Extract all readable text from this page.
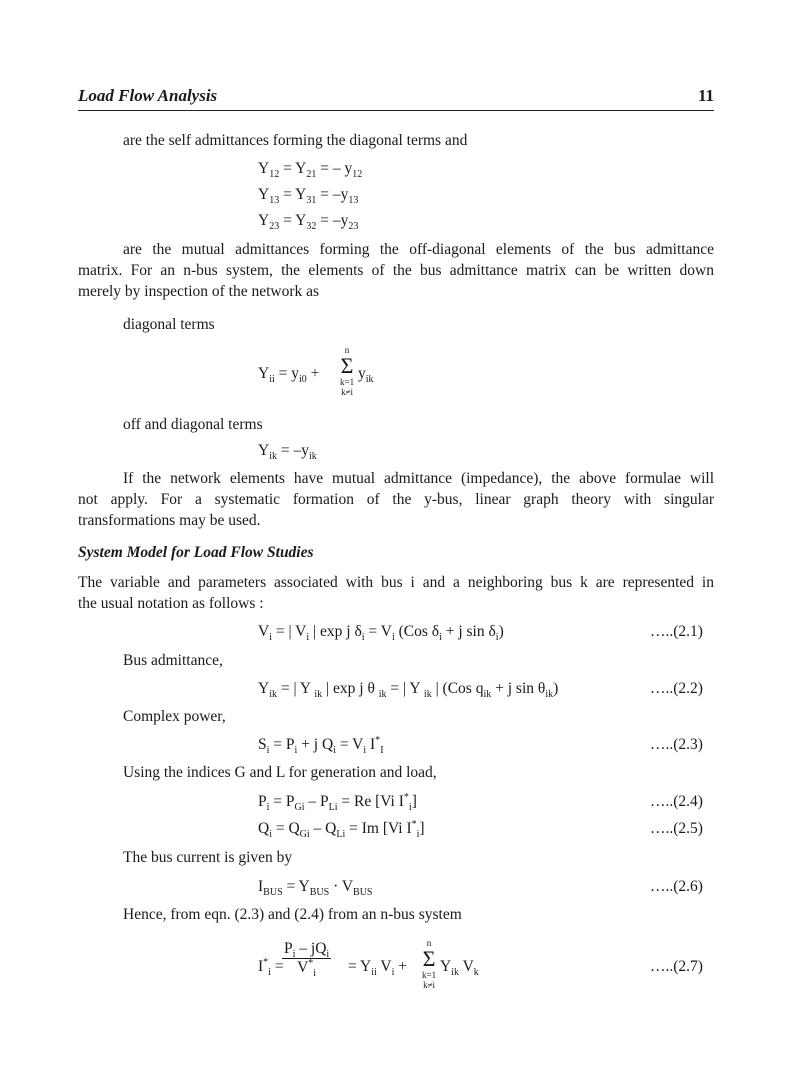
Load Flow Analysis	11
are the self admittances forming the diagonal terms and
$Y_{12} = Y_{21}$ = – $y_{12}$
$Y_{13} = Y_{31} = -y_{13}$
$Y_{23} = Y_{32} = -y_{23}$
are the mutual admittances forming the off-diagonal elements of the bus admittance
matrix. For an n-bus system, the elements of the bus admittance matrix can be written down
merely by inspection of the network as
diagonal terms
$Y_{ii} = y_{i0}$ +
n
Σ
k=1
k≠i
$y_{ik}$
off and diagonal terms
$Y_{ik} = -y_{ik}$
If the network elements have mutual admittance (impedance), the above formulae will
not apply. For a systematic formation of the y-bus, linear graph theory with singular
transformations may be used.
System Model for Load Flow Studies
The variable and parameters associated with bus i and a neighboring bus k are represented in
the usual notation as follows :
$V_i$ = | $V_i$ | exp j $\delta_i = V_i$ (Cos $\delta_i + j$ $\sin \delta_i$)	…..(2.1)
Bus admittance,
$Y_{ik}$ = | Y $_{ik}$ | exp j θ $_{ik}$ = | Y $_{ik}$ | (Cos $q_{ik} + j$ $\sin \theta_{ik}$)	…..(2.2)
Complex power,
$S_i = P_i + j$ $Q_i = V_i$ $I^*_I$	…..(2.3)
Using the indices G and L for generation and load,
$P_i = P_{Gi} - P_{Li} = Re$ [Vi $I^*_i$]	…..(2.4)
$Q_i = Q_{Gi} - Q_{Li} = Im$ [Vi $I^*_i$]	…..(2.5)
The bus current is given by
$I_{BUS} = Y_{BUS} \cdot V_{BUS}$	…..(2.6)
Hence, from eqn. (2.3) and (2.4) from an n-bus system
$I^*_i$ =
$P_i - jQ_i$
$V^*_i$	= $Y_{ii}$ $V_i$ +
n
Σ
k=1
k≠i
$Y_{ik}$ $V_k$	…..(2.7)
